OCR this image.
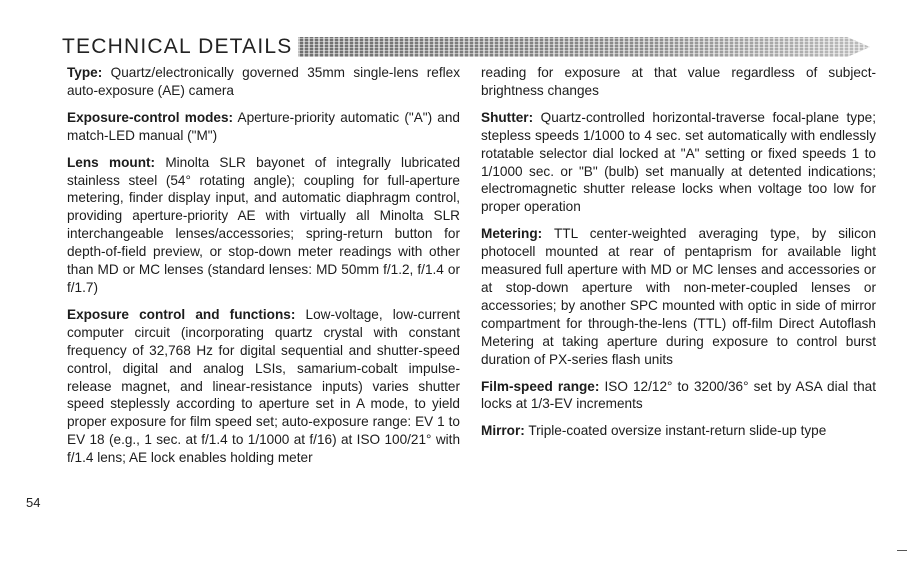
TECHNICAL DETAILS

Type: Quartz/electronically governed 35mm single-lens reflex auto-exposure (AE) camera

Exposure-control modes: Aperture-priority automatic ("A") and match-LED manual ("M")

Lens mount: Minolta SLR bayonet of integrally lubricated stainless steel (54° rotating angle); coupling for full-aperture metering, finder display input, and automatic diaphragm control, providing aperture-priority AE with virtually all Minolta SLR interchangeable lenses/accessories; spring-return button for depth-of-field preview, or stop-down meter readings with other than MD or MC lenses (standard lenses: MD 50mm f/1.2, f/1.4 or f/1.7)

Exposure control and functions: Low-voltage, low-current computer circuit (incorporating quartz crystal with constant frequency of 32,768 Hz for digital sequential and shutter-speed control, digital and analog LSIs, samarium-cobalt impulse-release magnet, and linear-resistance inputs) varies shutter speed steplessly according to aperture set in A mode, to yield proper exposure for film speed set; auto-exposure range: EV 1 to EV 18 (e.g., 1 sec. at f/1.4 to 1/1000 at f/16) at ISO 100/21° with f/1.4 lens; AE lock enables holding meter

reading for exposure at that value regardless of subject-brightness changes

Shutter: Quartz-controlled horizontal-traverse focal-plane type; stepless speeds 1/1000 to 4 sec. set automatically with endlessly rotatable selector dial locked at "A" setting or fixed speeds 1 to 1/1000 sec. or "B" (bulb) set manually at detented indications; electromagnetic shutter release locks when voltage too low for proper operation

Metering: TTL center-weighted averaging type, by silicon photocell mounted at rear of pentaprism for available light measured full aperture with MD or MC lenses and accessories or at stop-down aperture with non-meter-coupled lenses or accessories; by another SPC mounted with optic in side of mirror compartment for through-the-lens (TTL) off-film Direct Autoflash Metering at taking aperture during exposure to control burst duration of PX-series flash units

Film-speed range: ISO 12/12° to 3200/36° set by ASA dial that locks at 1/3-EV increments

Mirror: Triple-coated oversize instant-return slide-up type

54
